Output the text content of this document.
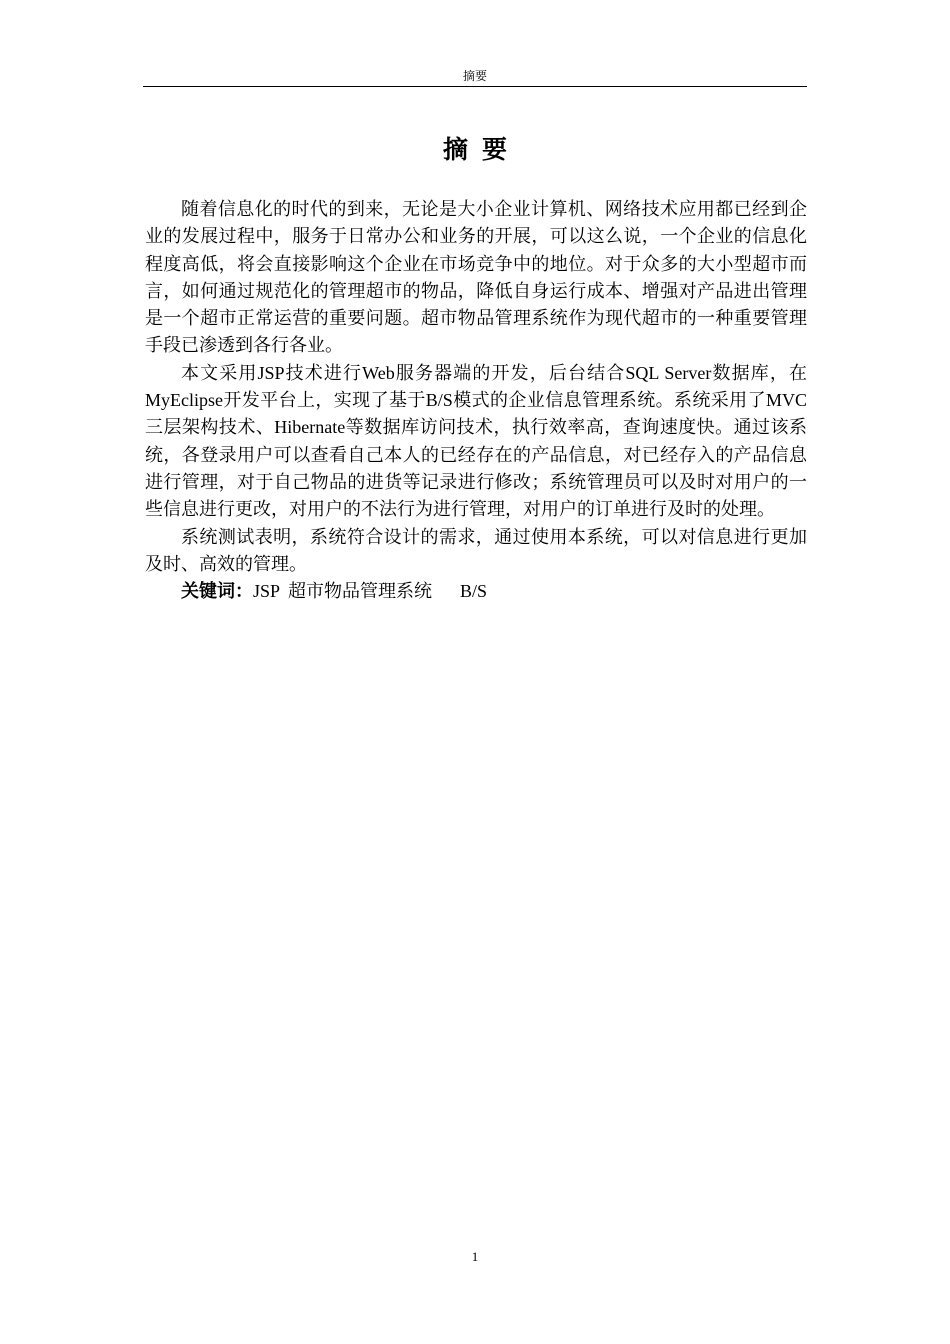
摘要
摘要

随着信息化的时代的到来，无论是大小企业计算机、网络技术应用都已经到企业的发展过程中，服务于日常办公和业务的开展，可以这么说，一个企业的信息化程度高低，将会直接影响这个企业在市场竞争中的地位。对于众多的大小型超市而言，如何通过规范化的管理超市的物品，降低自身运行成本、增强对产品进出管理是一个超市正常运营的重要问题。超市物品管理系统作为现代超市的一种重要管理手段已渗透到各行各业。

本文采用JSP技术进行Web服务器端的开发，后台结合SQL Server数据库，在MyEclipse开发平台上，实现了基于B/S模式的企业信息管理系统。系统采用了MVC三层架构技术、Hibernate等数据库访问技术，执行效率高，查询速度快。通过该系统，各登录用户可以查看自己本人的已经存在的产品信息，对已经存入的产品信息进行管理，对于自己物品的进货等记录进行修改；系统管理员可以及时对用户的一些信息进行更改，对用户的不法行为进行管理，对用户的订单进行及时的处理。

系统测试表明，系统符合设计的需求，通过使用本系统，可以对信息进行更加及时、高效的管理。

关键词：JSP 超市物品管理系统 B/S

1
